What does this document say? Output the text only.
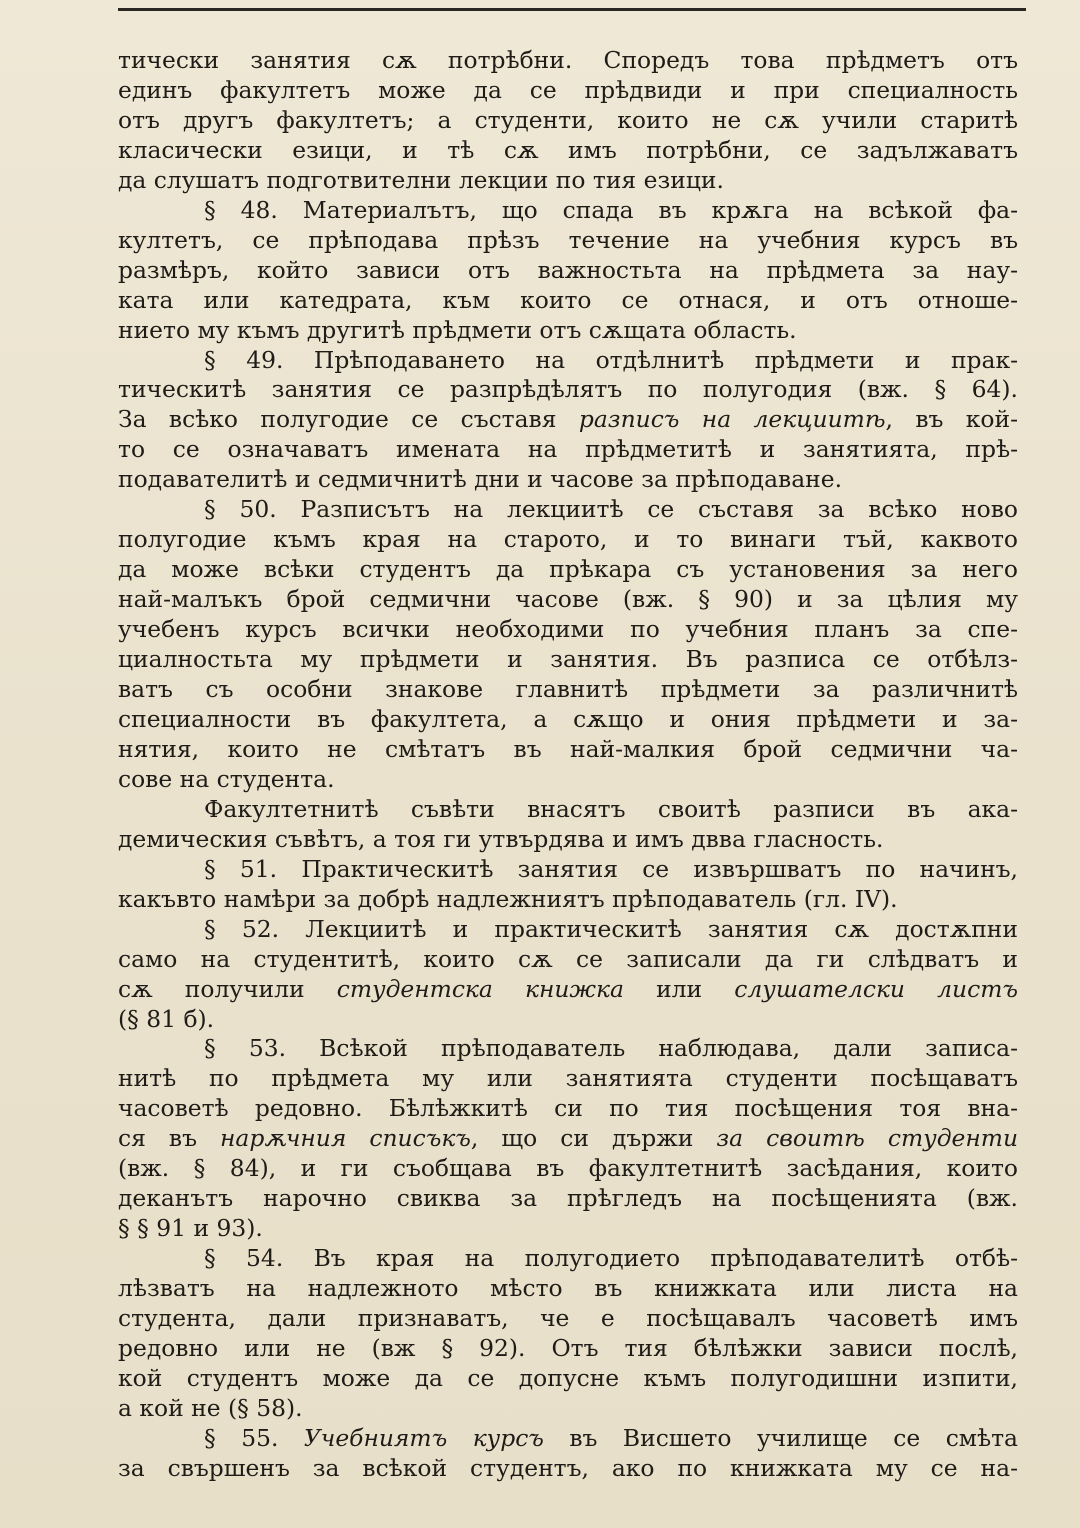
тически занятия сѫ потрѣбни. Споредъ това прѣдметъ отъ
единъ факултетъ може да се прѣдвиди и при специалность
отъ другъ факултетъ; а студенти, които не сѫ учили старитѣ
класически езици, и тѣ сѫ имъ потрѣбни, се задължаватъ
да слушатъ подготвителни лекции по тия езици.
§ 48. Материалътъ, що спада въ крѫга на всѣкой фа-
култетъ, се прѣподава прѣзъ течение на учебния курсъ въ
размѣръ, който зависи отъ важностьта на прѣдмета за нау-
ката или катедрата, към които се отнася, и отъ отноше-
нието му къмъ другитѣ прѣдмети отъ сѫщата область.
§ 49. Прѣподаването на отдѣлнитѣ прѣдмети и прак-
тическитѣ занятия се разпрѣдѣлятъ по полугодия (вж. § 64).
За всѣко полугодие се съставя разписъ на лекциитѣ, въ кой-
то се означаватъ имената на прѣдметитѣ и занятията, прѣ-
подавателитѣ и седмичнитѣ дни и часове за прѣподаване.
§ 50. Разписътъ на лекциитѣ се съставя за всѣко ново
полугодие къмъ края на старото, и то винаги тъй, каквото
да може всѣки студентъ да прѣкара съ установения за него
най-малъкъ брой седмични часове (вж. § 90) и за цѣлия му
учебенъ курсъ всички необходими по учебния планъ за спе-
циалностьта му прѣдмети и занятия. Въ разписа се отбѣлз-
ватъ съ особни знакове главнитѣ прѣдмети за различнитѣ
специалности въ факултета, а сѫщо и ония прѣдмети и за-
нятия, които не смѣтатъ въ най-малкия брой седмични ча-
сове на студента.
Факултетнитѣ съвѣти внасятъ своитѣ разписи въ ака-
демическия съвѣтъ, а тоя ги утвърдява и имъ двва гласность.
§ 51. Практическитѣ занятия се извършватъ по начинъ,
какъвто намѣри за добрѣ надлежниятъ прѣподаватель (гл. IV).
§ 52. Лекциитѣ и практическитѣ занятия сѫ достѫпни
само на студентитѣ, които сѫ се записали да ги слѣдватъ и
сѫ получили студентска книжка или слушателски листъ
(§ 81 б).
§ 53. Всѣкой прѣподаватель наблюдава, дали записа-
нитѣ по прѣдмета му или занятията студенти посѣщаватъ
часоветѣ редовно. Бѣлѣжкитѣ си по тия посѣщения тоя вна-
ся въ нарѫчния списъкъ, що си държи за своитѣ студенти
(вж. § 84), и ги съобщава въ факултетнитѣ засѣдания, които
деканътъ нарочно свиква за прѣгледъ на посѣщенията (вж.
§ § 91 и 93).
§ 54. Въ края на полугодието прѣподавателитѣ отбѣ-
лѣзватъ на надлежното мѣсто въ книжката или листа на
студента, дали признаватъ, че е посѣщавалъ часоветѣ имъ
редовно или не (вж § 92). Отъ тия бѣлѣжки зависи послѣ,
кой студентъ може да се допусне къмъ полугодишни изпити,
а кой не (§ 58).
§ 55. Учебниятъ курсъ въ Висшето училище се смѣта
за свършенъ за всѣкой студентъ, ако по книжката му се на-
